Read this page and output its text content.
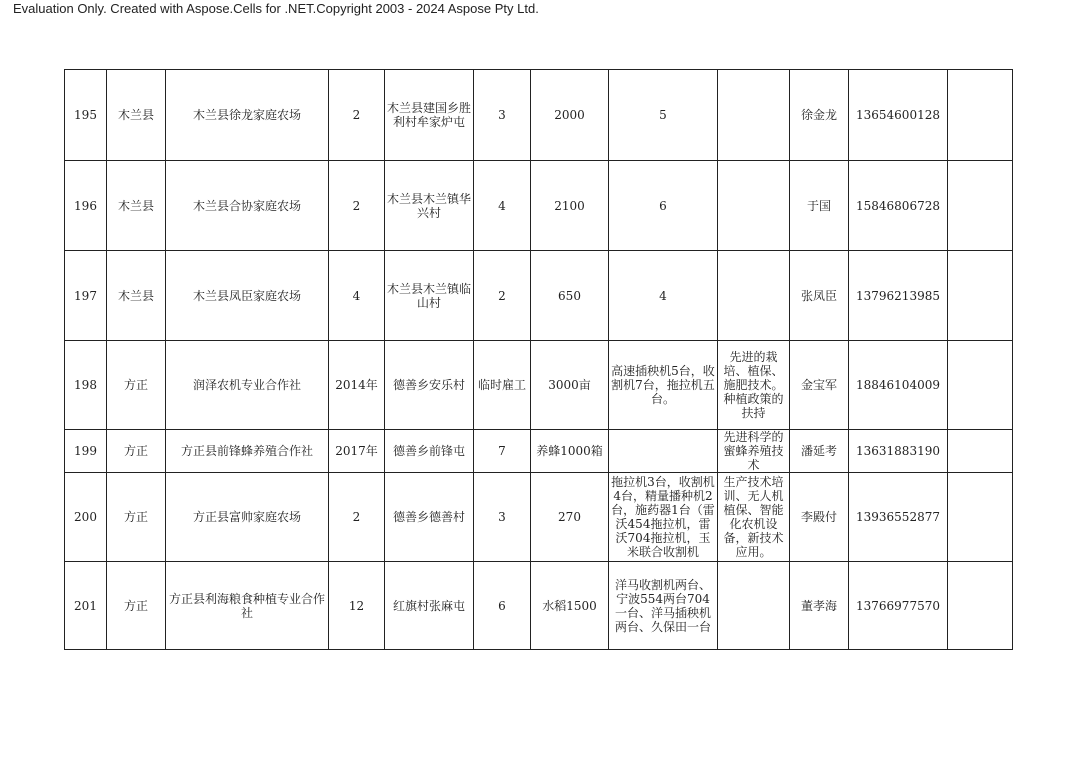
Evaluation Only. Created with Aspose.Cells for .NET.Copyright 2003 - 2024 Aspose Pty Ltd.
195	木兰县	木兰县徐龙家庭农场	2	木兰县建国乡胜利村牟家炉屯	3	2000	5		徐金龙	13654600128	
196	木兰县	木兰县合协家庭农场	2	木兰县木兰镇华兴村	4	2100	6		于国	15846806728	
197	木兰县	木兰县凤臣家庭农场	4	木兰县木兰镇临山村	2	650	4		张凤臣	13796213985	
198	方正	润泽农机专业合作社	2014年	德善乡安乐村	临时雇工	3000亩	高速插秧机5台，收割机7台，拖拉机五台。	先进的栽培、植保、施肥技术。种植政策的扶持	金宝军	18846104009	
199	方正	方正县前锋蜂养殖合作社	2017年	德善乡前锋屯	7	养蜂1000箱		先进科学的蜜蜂养殖技术	潘延考	13631883190	
200	方正	方正县富帅家庭农场	2	德善乡德善村	3	270	拖拉机3台，收割机4台，精量播种机2台，施药器1台（雷沃454拖拉机，雷沃704拖拉机，玉米联合收割机	生产技术培训、无人机植保、智能化农机设备，新技术应用。	李殿付	13936552877	
201	方正	方正县利海粮食种植专业合作社	12	红旗村张麻屯	6	水稻1500	洋马收割机两台、宁波554两台704一台、洋马插秧机两台、久保田一台		董孝海	13766977570	
